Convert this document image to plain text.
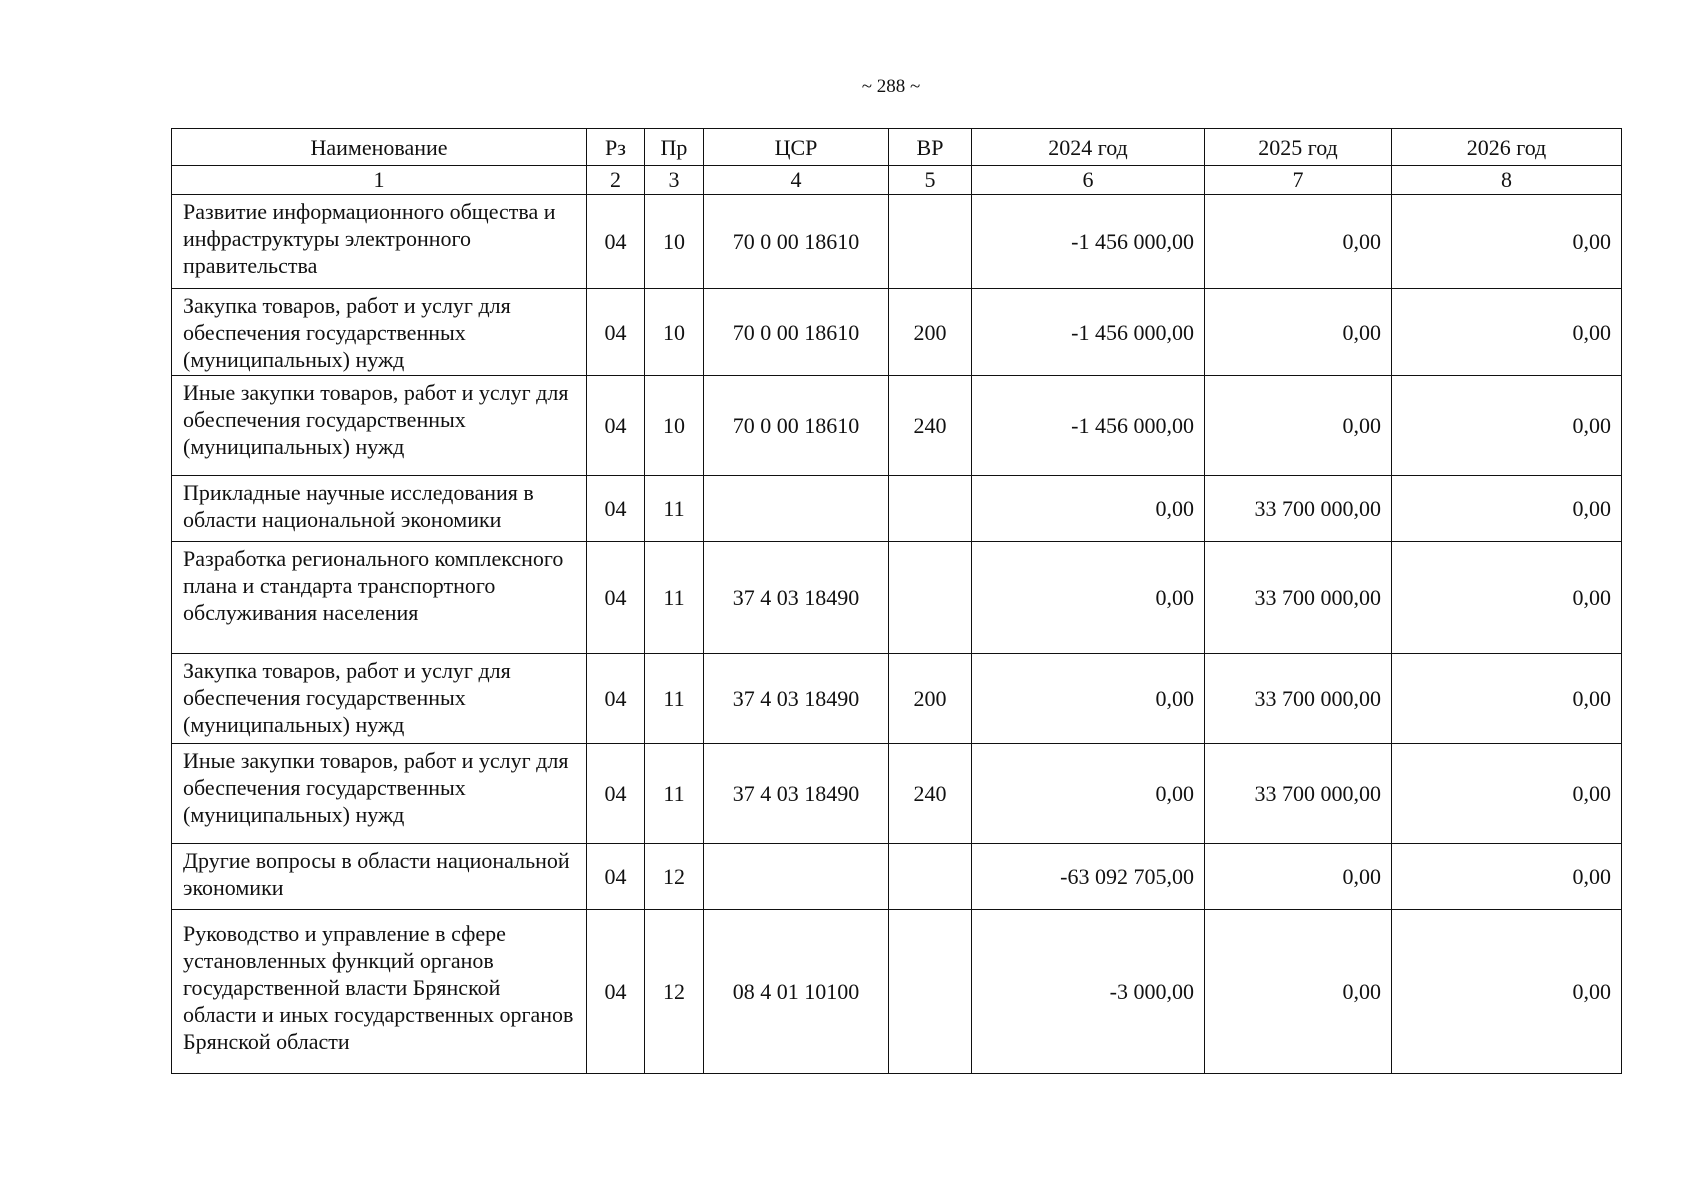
~ 288 ~
Наименование	Рз	Пр	ЦСР	ВР	2024 год	2025 год	2026 год
1	2	3	4	5	6	7	8
Развитие информационного общества и инфраструктуры электронного правительства	04	10	70 0 00 18610		-1 456 000,00	0,00	0,00
Закупка товаров, работ и услуг для обеспечения государственных (муниципальных) нужд	04	10	70 0 00 18610	200	-1 456 000,00	0,00	0,00
Иные закупки товаров, работ и услуг для обеспечения государственных (муниципальных) нужд	04	10	70 0 00 18610	240	-1 456 000,00	0,00	0,00
Прикладные научные исследования в области национальной экономики	04	11			0,00	33 700 000,00	0,00
Разработка регионального комплексного плана и стандарта транспортного обслуживания населения	04	11	37 4 03 18490		0,00	33 700 000,00	0,00
Закупка товаров, работ и услуг для обеспечения государственных (муниципальных) нужд	04	11	37 4 03 18490	200	0,00	33 700 000,00	0,00
Иные закупки товаров, работ и услуг для обеспечения государственных (муниципальных) нужд	04	11	37 4 03 18490	240	0,00	33 700 000,00	0,00
Другие вопросы в области национальной экономики	04	12			-63 092 705,00	0,00	0,00
Руководство и управление в сфере установленных функций органов государственной власти Брянской области и иных государственных органов Брянской области	04	12	08 4 01 10100		-3 000,00	0,00	0,00
